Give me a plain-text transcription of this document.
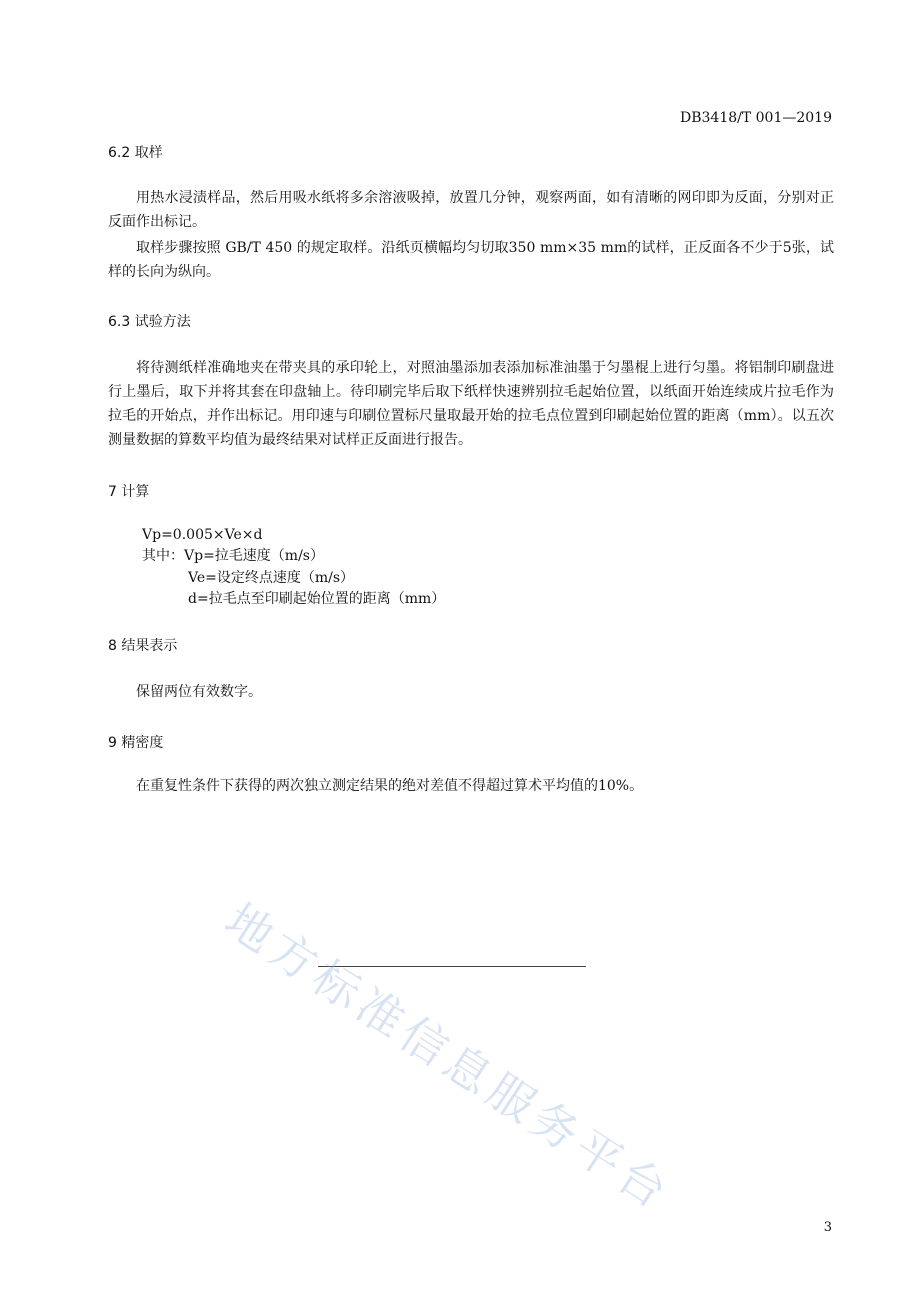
DB3418/T 001—2019
6.2 取样
用热水浸渍样品，然后用吸水纸将多余溶液吸掉，放置几分钟，观察两面，如有清晰的网印即为反面，分别对正反面作出标记。
取样步骤按照 GB/T 450 的规定取样。沿纸页横幅均匀切取350 mm×35 mm的试样，正反面各不少于5张，试样的长向为纵向。
6.3 试验方法
将待测纸样准确地夹在带夹具的承印轮上，对照油墨添加表添加标准油墨于匀墨棍上进行匀墨。将铝制印刷盘进行上墨后，取下并将其套在印盘轴上。待印刷完毕后取下纸样快速辨别拉毛起始位置，以纸面开始连续成片拉毛作为拉毛的开始点，并作出标记。用印速与印刷位置标尺量取最开始的拉毛点位置到印刷起始位置的距离（mm）。以五次测量数据的算数平均值为最终结果对试样正反面进行报告。
7 计算
Vp=0.005×Ve×d
其中：Vp=拉毛速度（m/s）
Ve=设定终点速度（m/s）
d=拉毛点至印刷起始位置的距离（mm）
8 结果表示
保留两位有效数字。
9 精密度
在重复性条件下获得的两次独立测定结果的绝对差值不得超过算术平均值的10%。
地方标准信息服务平台
3
